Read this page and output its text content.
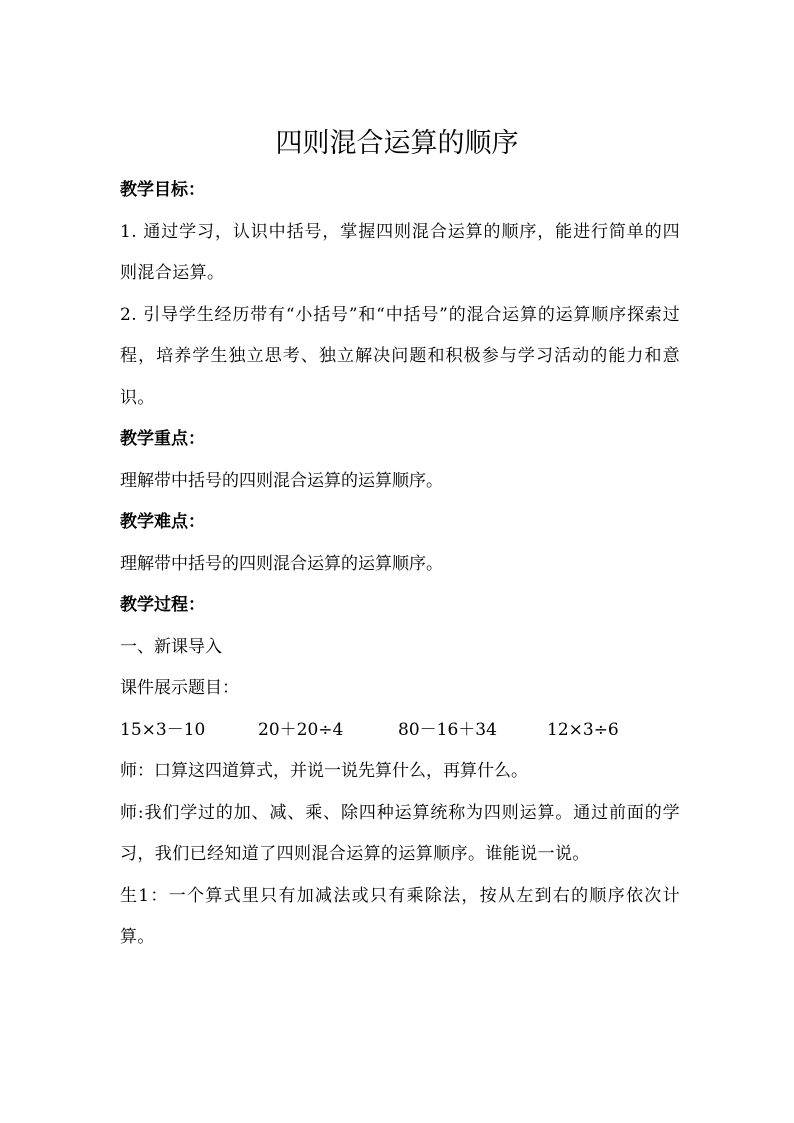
四则混合运算的顺序

教学目标：

1. 通过学习，认识中括号，掌握四则混合运算的顺序，能进行简单的四则混合运算。

2. 引导学生经历带有“小括号”和“中括号”的混合运算的运算顺序探索过程，培养学生独立思考、独立解决问题和积极参与学习活动的能力和意识。

教学重点：

理解带中括号的四则混合运算的运算顺序。

教学难点：

理解带中括号的四则混合运算的运算顺序。

教学过程：

一、新课导入

课件展示题目：

15×3－10	20＋20÷4	80－16＋34	12×3÷6

师：口算这四道算式，并说一说先算什么，再算什么。

师:我们学过的加、减、乘、除四种运算统称为四则运算。通过前面的学习，我们已经知道了四则混合运算的运算顺序。谁能说一说。

生1：一个算式里只有加减法或只有乘除法，按从左到右的顺序依次计算。
